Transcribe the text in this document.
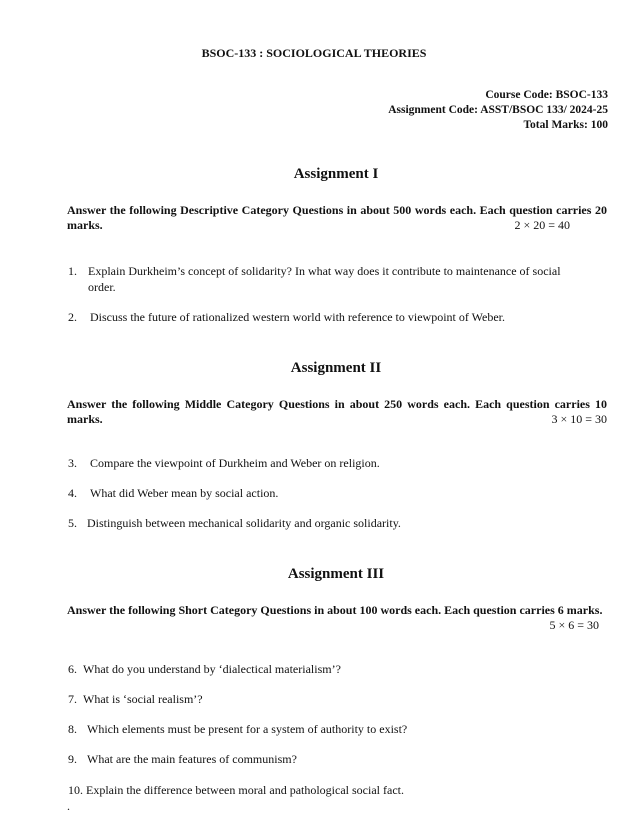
BSOC-133 : SOCIOLOGICAL THEORIES
Course Code: BSOC-133
Assignment Code: ASST/BSOC 133/ 2024-25
Total Marks: 100
Assignment I
Answer the following Descriptive Category Questions in about 500 words each. Each question carries 20 marks.	2 × 20 = 40
1. Explain Durkheim’s concept of solidarity? In what way does it contribute to maintenance of social order.
2. Discuss the future of rationalized western world with reference to viewpoint of Weber.
Assignment II
Answer the following Middle Category Questions in about 250 words each. Each question carries 10 marks.	3 × 10 = 30
3. Compare the viewpoint of Durkheim and Weber on religion.
4. What did Weber mean by social action.
5. Distinguish between mechanical solidarity and organic solidarity.
Assignment III
Answer the following Short Category Questions in about 100 words each. Each question carries 6 marks.
5 × 6 = 30
6. What do you understand by ‘dialectical materialism’?
7. What is ‘social realism’?
8. Which elements must be present for a system of authority to exist?
9. What are the main features of communism?
10. Explain the difference between moral and pathological social fact.
.
